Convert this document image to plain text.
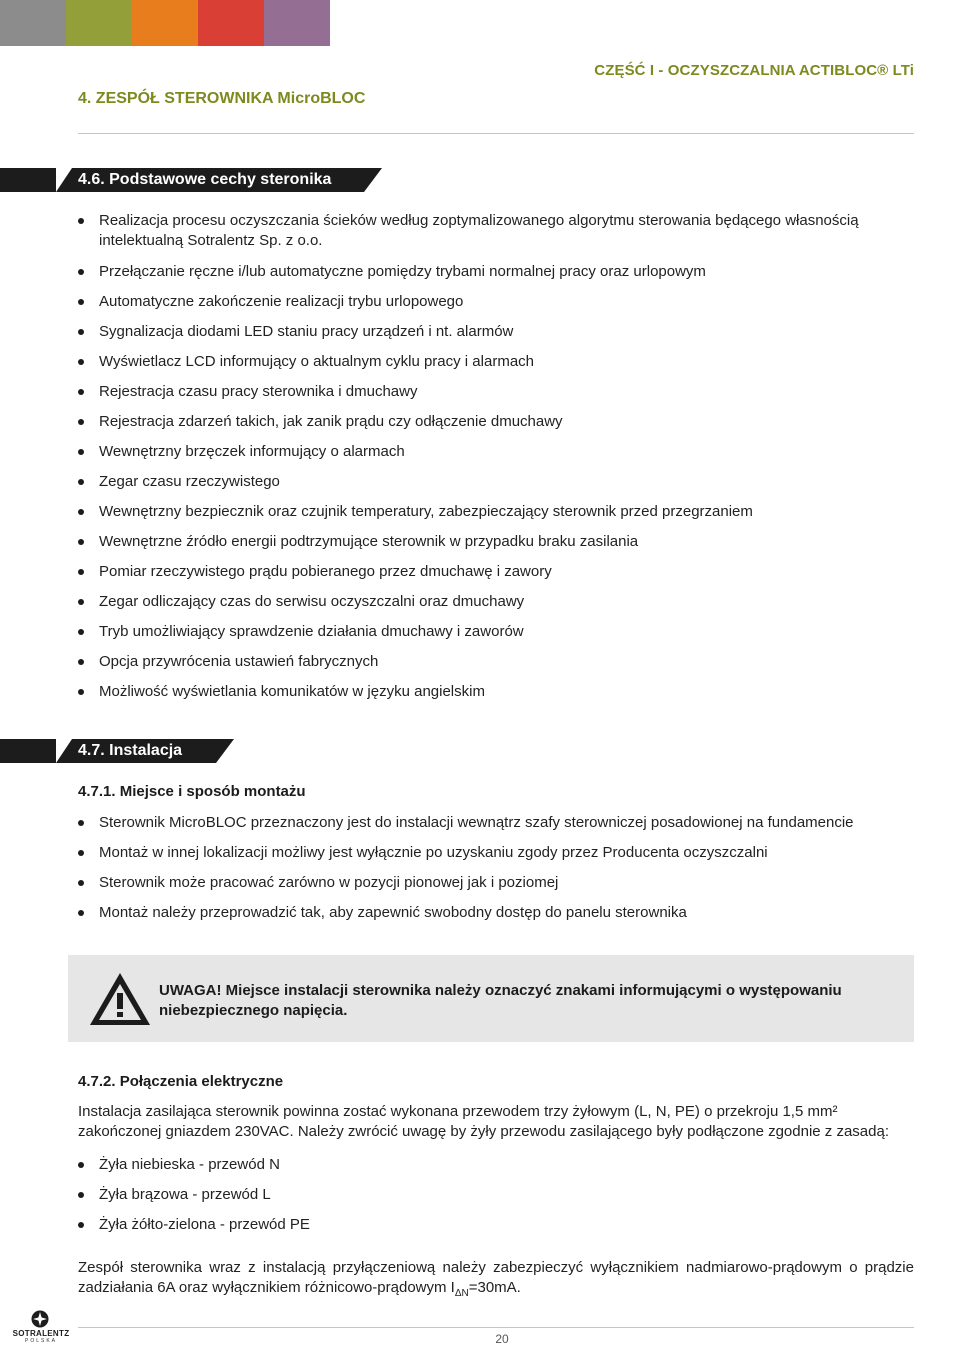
CZĘŚĆ I - OCZYSZCZALNIA ACTIBLOC® LTi
4. ZESPÓŁ STEROWNIKA MicroBLOC
4.6. Podstawowe cechy steronika
Realizacja procesu oczyszczania ścieków według zoptymalizowanego algorytmu sterowania będącego własnością intelektualną Sotralentz Sp. z o.o.
Przełączanie ręczne i/lub automatyczne pomiędzy trybami normalnej pracy oraz urlopowym
Automatyczne zakończenie realizacji trybu urlopowego
Sygnalizacja diodami LED staniu pracy urządzeń i nt. alarmów
Wyświetlacz LCD informujący o aktualnym cyklu pracy i alarmach
Rejestracja czasu pracy sterownika i dmuchawy
Rejestracja zdarzeń takich, jak zanik prądu czy odłączenie dmuchawy
Wewnętrzny brzęczek informujący o alarmach
Zegar czasu rzeczywistego
Wewnętrzny bezpiecznik oraz czujnik temperatury, zabezpieczający sterownik przed przegrzaniem
Wewnętrzne źródło energii podtrzymujące sterownik w przypadku braku zasilania
Pomiar rzeczywistego prądu pobieranego przez dmuchawę i zawory
Zegar odliczający czas do serwisu oczyszczalni oraz dmuchawy
Tryb umożliwiający sprawdzenie działania dmuchawy i zaworów
Opcja przywrócenia ustawień fabrycznych
Możliwość wyświetlania komunikatów w języku angielskim
4.7. Instalacja
4.7.1. Miejsce i sposób montażu
Sterownik MicroBLOC przeznaczony jest do instalacji wewnątrz szafy sterowniczej posadowionej na fundamencie
Montaż w innej lokalizacji możliwy jest wyłącznie po uzyskaniu zgody przez Producenta oczyszczalni
Sterownik może pracować zarówno w pozycji pionowej jak i poziomej
Montaż należy przeprowadzić tak, aby zapewnić swobodny dostęp do panelu sterownika
UWAGA! Miejsce instalacji sterownika należy oznaczyć znakami informującymi o występowaniu niebezpiecznego napięcia.
4.7.2. Połączenia elektryczne
Instalacja zasilająca sterownik powinna zostać wykonana przewodem trzy żyłowym (L, N, PE) o przekroju 1,5 mm² zakończonej gniazdem 230VAC. Należy zwrócić uwagę by żyły przewodu zasilającego były podłączone zgodnie z zasadą:
Żyła niebieska - przewód N
Żyła brązowa - przewód L
Żyła żółto-zielona - przewód PE
Zespół sterownika wraz z instalacją przyłączeniową należy zabezpieczyć wyłącznikiem nadmiarowo-prądowym o prądzie zadziałania 6A oraz wyłącznikiem różnicowo-prądowym $I_{\Delta N}=30mA$.
SOTRALENTZ
POLSKA	20
